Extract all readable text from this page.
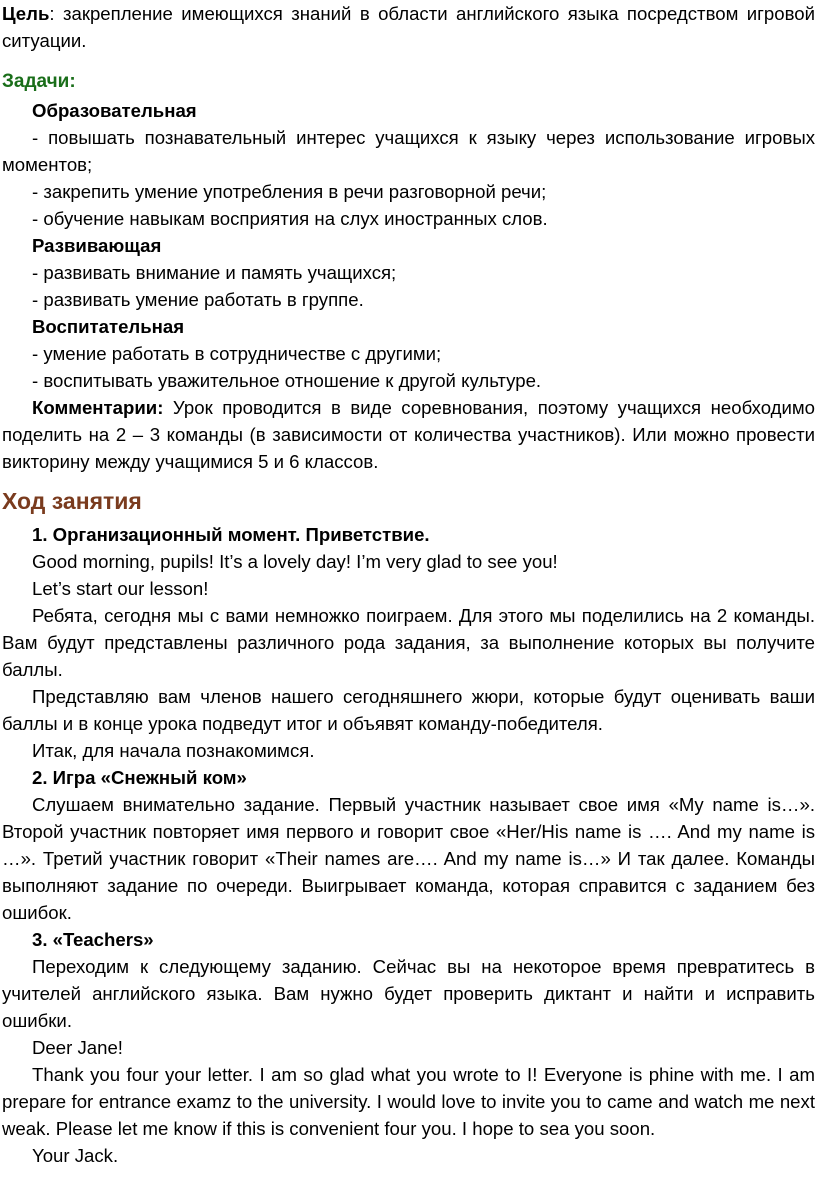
Цель: закрепление имеющихся знаний в области английского языка посредством игровой ситуации.

Задачи:

Образовательная

- повышать познавательный интерес учащихся к языку через использование игровых моментов;

- закрепить умение употребления в речи разговорной речи;

- обучение навыкам восприятия на слух иностранных слов.

Развивающая

- развивать внимание и память учащихся;

- развивать умение работать в группе.

Воспитательная

- умение работать в сотрудничестве с другими;

- воспитывать уважительное отношение к другой культуре.

Комментарии: Урок проводится в виде соревнования, поэтому учащихся необходимо поделить на 2 – 3 команды (в зависимости от количества участников). Или можно провести викторину между учащимися 5 и 6 классов.

Ход занятия

1. Организационный момент. Приветствие.

Good morning, pupils! It’s a lovely day! I’m very glad to see you!

Let’s start our lesson!

Ребята, сегодня мы с вами немножко поиграем. Для этого мы поделились на 2 команды. Вам будут представлены различного рода задания, за выполнение которых вы получите баллы.

Представляю вам членов нашего сегодняшнего жюри, которые будут оценивать ваши баллы и в конце урока подведут итог и объявят команду-победителя.

Итак, для начала познакомимся.

2. Игра «Снежный ком»

Слушаем внимательно задание. Первый участник называет свое имя «My name is…». Второй участник повторяет имя первого и говорит свое «Her/His name is …. And my name is …». Третий участник говорит «Their names are…. And my name is…» И так далее. Команды выполняют задание по очереди. Выигрывает команда, которая справится с заданием без ошибок.

3. «Teachers»

Переходим к следующему заданию. Сейчас вы на некоторое время превратитесь в учителей английского языка. Вам нужно будет проверить диктант и найти и исправить ошибки.

Deer Jane!

Thank you four your letter. I am so glad what you wrote to I! Everyone is phine with me. I am prepare for entrance examz to the university. I would love to invite you to came and watch me next weak. Please let me know if this is convenient four you. I hope to sea you soon.

Your Jack.
